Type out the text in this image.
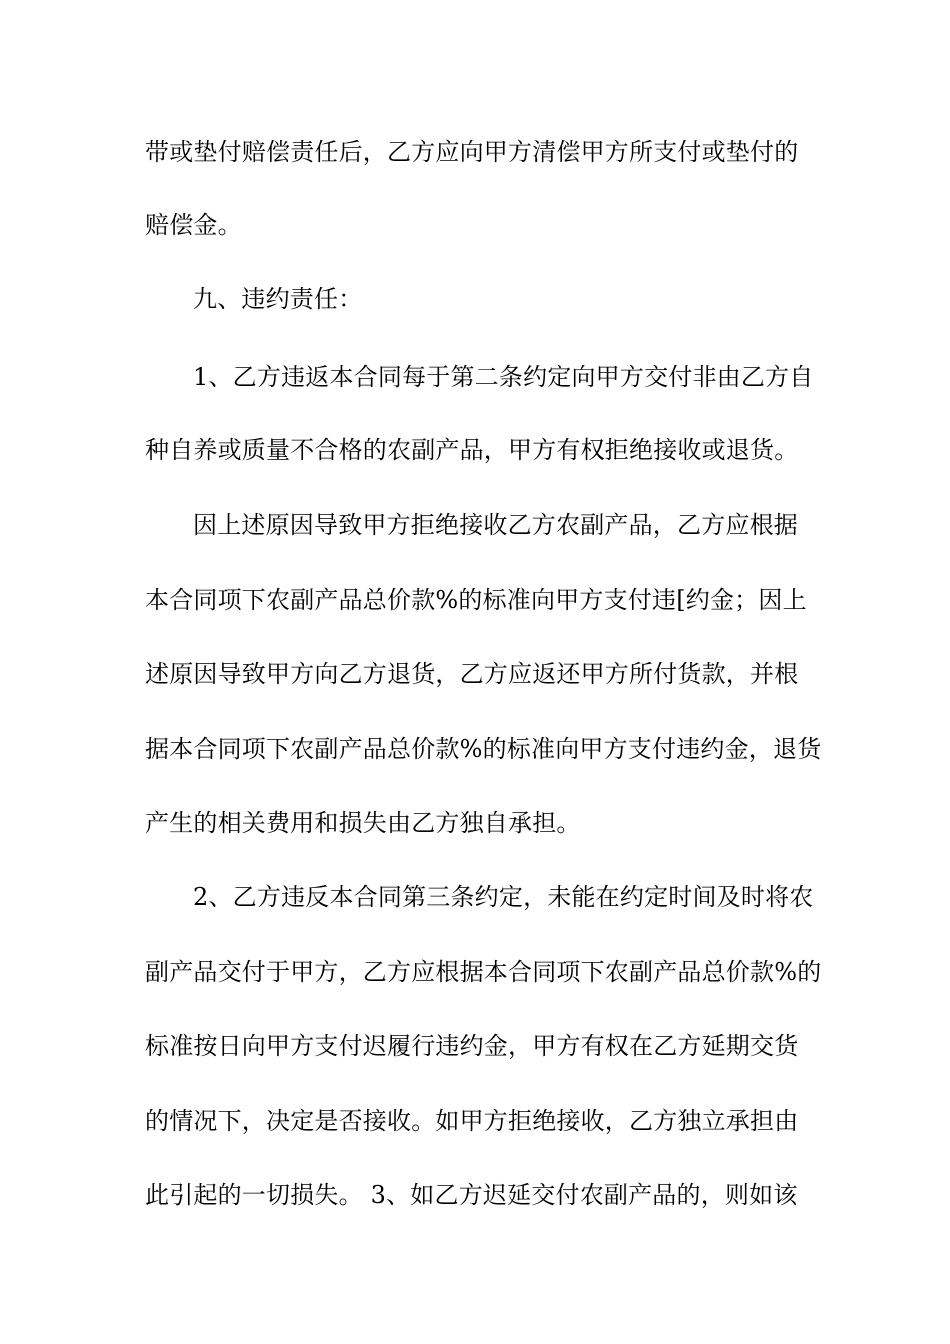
带或垫付赔偿责任后，乙方应向甲方清偿甲方所支付或垫付的
赔偿金。
九、违约责任：
1、乙方违返本合同每于第二条约定向甲方交付非由乙方自
种自养或质量不合格的农副产品，甲方有权拒绝接收或退货。
因上述原因导致甲方拒绝接收乙方农副产品，乙方应根据
本合同项下农副产品总价款%的标准向甲方支付违[约金；因上
述原因导致甲方向乙方退货，乙方应返还甲方所付货款，并根
据本合同项下农副产品总价款%的标准向甲方支付违约金，退货
产生的相关费用和损失由乙方独自承担。
2、乙方违反本合同第三条约定，未能在约定时间及时将农
副产品交付于甲方，乙方应根据本合同项下农副产品总价款%的
标准按日向甲方支付迟履行违约金，甲方有权在乙方延期交货
的情况下，决定是否接收。如甲方拒绝接收，乙方独立承担由
此引起的一切损失。 3、如乙方迟延交付农副产品的，则如该
